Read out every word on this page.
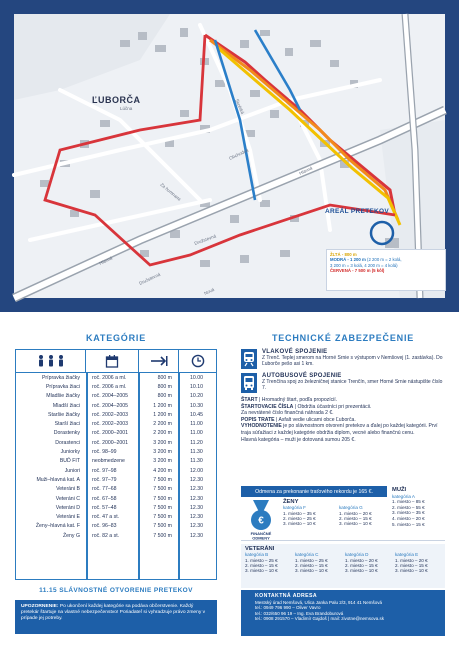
Lúčna	Školská
Družstevná
Obchodná
Hlavná
Hlavná
Za humnami
Družstevná
Nová
ĽUBORČA
AREÁL PRETEKOV
ŽLTÁ - 800 m
MODRÁ - 1 200 m (2 200 m = 2 kolá,
3 200 m = 3 kolá, 4 200 m = 4 kolá)
ČERVENÁ - 7 500 m (5 kôl)
KATEGÓRIE
Prípravka žiačky	roč. 2006 a ml.	800 m	10.00
Prípravka žiaci	roč. 2006 a ml.	800 m	10.10
Mladšie žiačky	roč. 2004–2005	800 m	10.20
Mladší žiaci	roč. 2004–2005	1 200 m	10.30
Staršie žiačky	roč. 2002–2003	1 200 m	10.45
Starší žiaci	roč. 2002–2003	2 200 m	11.00
Dorastenky	roč. 2000–2001	2 200 m	11.00
Dorastenci	roč. 2000–2001	3 200 m	11.20
Juniorky	roč. 98–99	3 200 m	11.30
BUĎ FIT	neobmedzene	3 200 m	11.30
Juniori	roč. 97–98	4 200 m	12.00
Muži–hlavná kat. A	roč. 97–79	7 500 m	12.30
Veteráni B	roč. 77–68	7 500 m	12.30
Veteráni C	roč. 67–58	7 500 m	12.30
Veteráni D	roč. 57–48	7 500 m	12.30
Veteráni E	roč. 47 a st.	7 500 m	12.30
Ženy–hlavná kat. F	roč. 96–83	7 500 m	12.30
Ženy G	roč. 82 a st.	7 500 m	12.30
11.15 SLÁVNOSTNÉ OTVORENIE PRETEKOV
UPOZORNENIE: Po ukončení každej kategórie sa podáva občerstvenie. Každý pretekár štartuje na vlastné nebezpečenstvo! Poriadateľ si vyhradzuje právo zmeny v prípade jej potreby.
TECHNICKÉ ZABEZPEČENIE
VLAKOVÉ SPOJENIE
Z Trenč. Teplej smerom na Horné Srnie s výstupom v Nemšovej (1. zastávka). Do Ľuborče pešo asi 1 km.
AUTOBUSOVÉ SPOJENIE
Z Trenčína spoj zo železničnej stanice Trenčín, smer Horné Srnie nástupište číslo 7.
ŠTART | Hromadný štart, podľa propozícií.
ŠTARTOVACIE ČÍSLA | Obdržia účastníci pri prezentácii.
Za nevrátené číslo finančná náhrada 2 €.
POPIS TRATE | Asfalt vedie ulicami obce Ľuborča.
VYHODNOTENIE je po slávnostnom otvorení pretekov a ďalej po každej kategórii. Prví traja súťažiaci z každej kategórie obdržia diplom, vecné alebo finančnú cenu.
Hlavná kategória – muži je dotovaná sumou 205 €.
Odmena za prekonanie traťového rekordu je 165 €.
€
FINANČNÉ
ODMENY
ŽENY
kategória F
1. miesto – 35 €
2. miesto – 25 €
3. miesto – 10 €
kategória G
1. miesto – 20 €
2. miesto – 15 €
3. miesto – 10 €
MUŽI
kategória A
1. miesto – 85 €
2. miesto – 55 €
3. miesto – 35 €
4. miesto – 20 €
5. miesto – 15 €
VETERÁNI
kategória B
1. miesto – 25 €
2. miesto – 15 €
3. miesto – 10 €
kategória C
1. miesto – 25 €
2. miesto – 15 €
3. miesto – 10 €
kategória D
1. miesto – 20 €
2. miesto – 15 €
3. miesto – 10 €
kategória E
1. miesto – 20 €
2. miesto – 15 €
3. miesto – 10 €
KONTAKTNÁ ADRESA
Mestský úrad Nemšová, Ulica Janka Palu 2/3, 914 41 Nemšová
tel.: 0949 796 990 – Oliver Vavro
tel.: 032/650 96 19 – Ing. Eva Brandoburová
tel.: 0908 291570 – Vladimír Gajdoš | mail: zivotne@nemsova.sk
